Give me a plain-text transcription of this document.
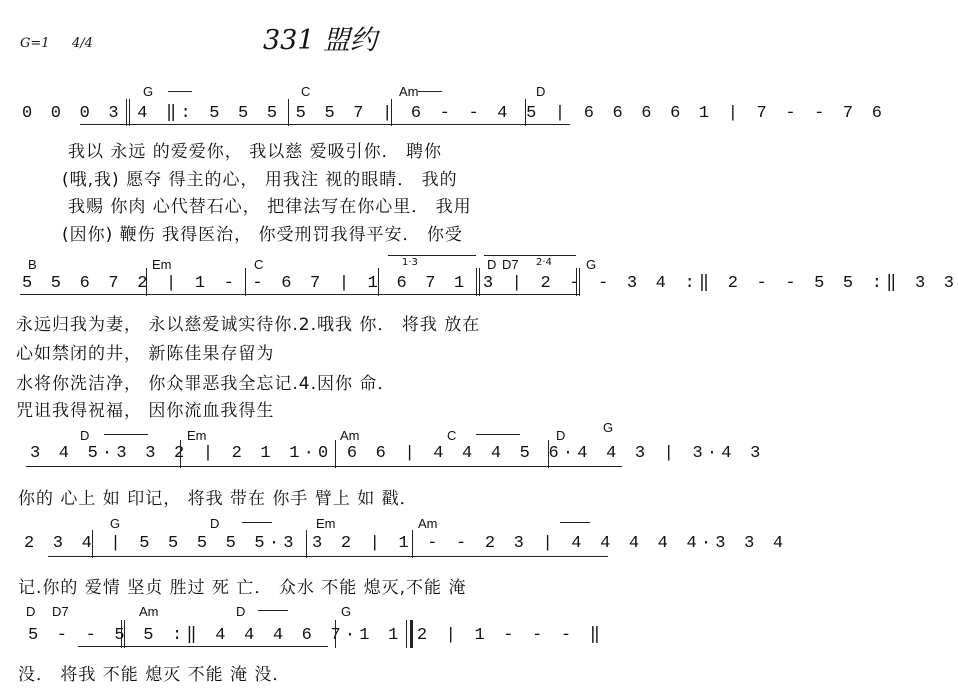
331 盟约
G=1 4/4
G	C	Am	D
0 0 0 3 4 ‖: 5 5 5 5 5 7 | 6 - - 4 5 | 6 6 6 6 1 | 7 - - 7 6
我以 永远 的爱爱你， 我以慈 爱吸引你． 聘你
(哦,我) 愿夺 得主的心， 用我注 视的眼睛． 我的
我赐 你肉 心代替石心， 把律法写在你心里． 我用
(因你) 鞭伤 我得医治， 你受刑罚我得平安． 你受
B	Em	C	D D7	G
1·3	2·4
5 5 6 7 2 | 1 - - 6 7 | 1 6 7 1 3 | 2 - - 3 4 :‖ 2 - - 5 5 :‖ 3 3
永远归我为妻， 永以慈爱诚实待你.2.哦我 你． 将我 放在
心如禁闭的井， 新陈佳果存留为
水将你洗洁净， 你众罪恶我全忘记.4.因你 命．
咒诅我得祝福， 因你流血我得生
D	Em	Am	C	D
G
3 4 5·3 3 2 | 2 1 1·0 6 6 | 4 4 4 5 6·4 4 3 | 3·4 3
你的 心上 如 印记， 将我 带在 你手 臂上 如 戳．
G	D	Em	Am
2 3 4 | 5 5 5 5 5·3 3 2 | 1 - - 2 3 | 4 4 4 4 4·3 3 4
记.你的 爱情 坚贞 胜过 死 亡． 众水 不能 熄灭,不能 淹
D D7	Am	D	G
5 - - 5 5 :‖ 4 4 4 6 7·1 1 2 | 1 - - - ‖
没． 将我 不能 熄灭 不能 淹 没．
